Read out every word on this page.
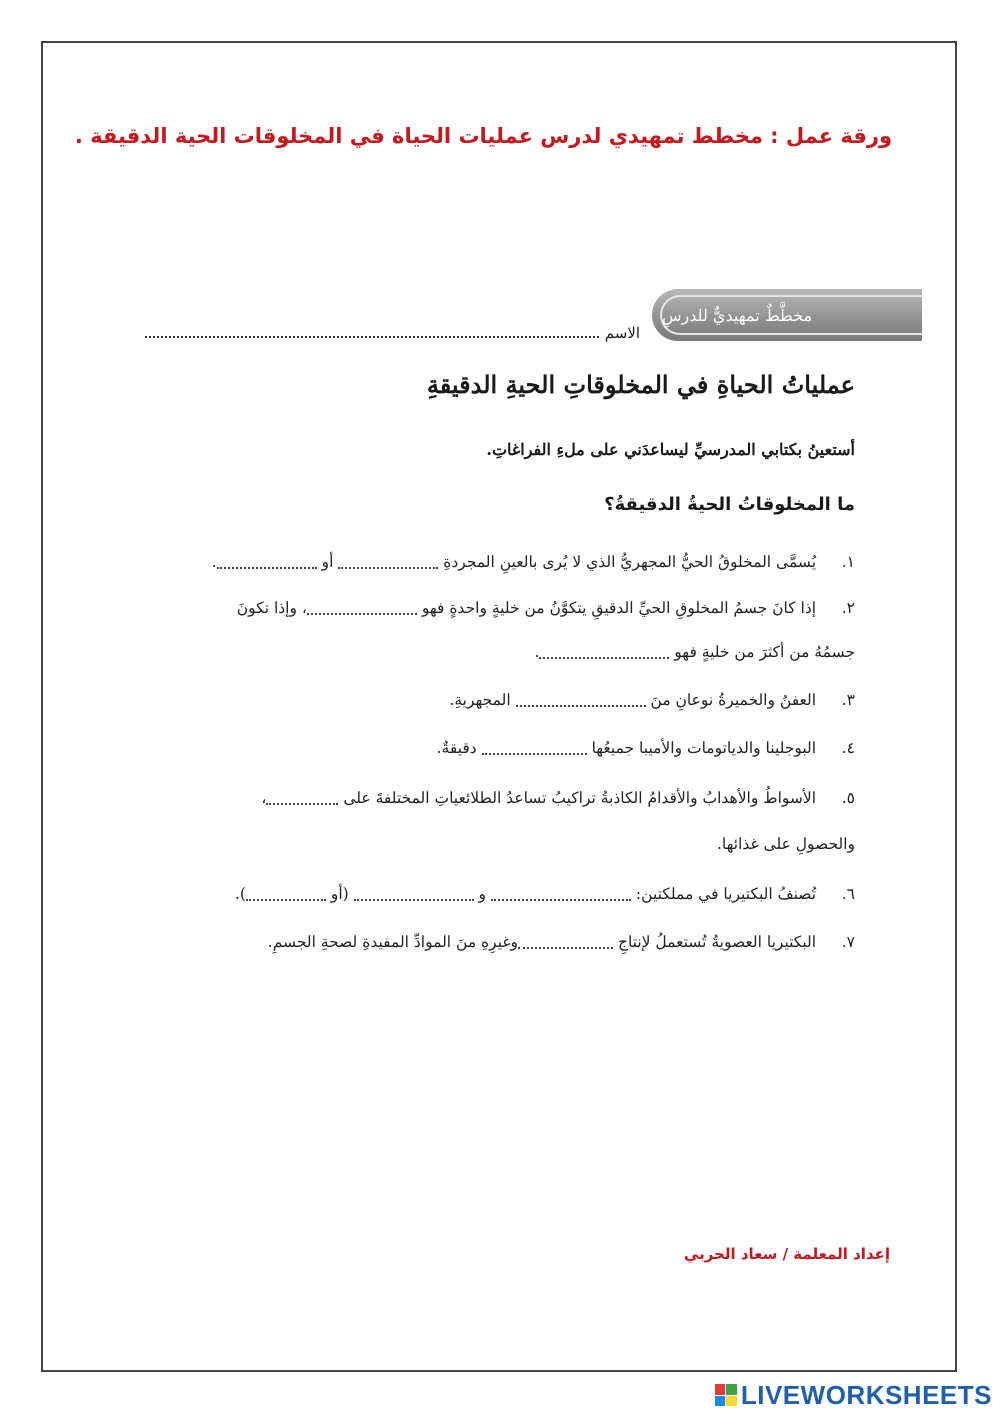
ورقة عمل : مخطط تمهيدي لدرس عمليات الحياة في المخلوقات الحية الدقيقة .
مخطَّطٌ تمهيديٌّ للدرسِ
الاسم
عملياتُ الحياةِ في المخلوقاتِ الحيةِ الدقيقةِ
أستعينُ بكتابي المدرسيِّ ليساعدَني على ملءِ الفراغاتِ.
ما المخلوقاتُ الحيةُ الدقيقةُ؟
١. يُسمَّى المخلوقُ الحيُّ المجهريُّ الذي لا يُرى بالعينِ المجردةِ  أو .
٢. إذا كانَ جسمُ المخلوقِ الحيِّ الدقيقِ يتكوَّنُ من خليةٍ واحدةٍ فهو ، وإذا تكونَ
جسمُهُ من أكثرَ من خليةٍ فهو .
٣. العفنُ والخميرةُ نوعانِ منَ  المجهريةِ.
٤. البوجلينا والدياتومات والأميبا جميعُها  دقيقةٌ.
٥. الأسواطُ والأهدابُ والأقدامُ الكاذبةُ تراكيبُ تساعدُ الطلائعياتِ المختلفةَ على ،
والحصولِ على غذائها.
٦. تُصنفُ البكتيريا في مملكتين:  و  (أو ).
٧. البكتيريا العصويةُ تُستعملُ لإنتاجِ وغيرِهِ منَ الموادِّ المفيدةِ لصحةِ الجسمِ.
إعداد المعلمة / سعاد الحربي
LIVEWORKSHEETS
